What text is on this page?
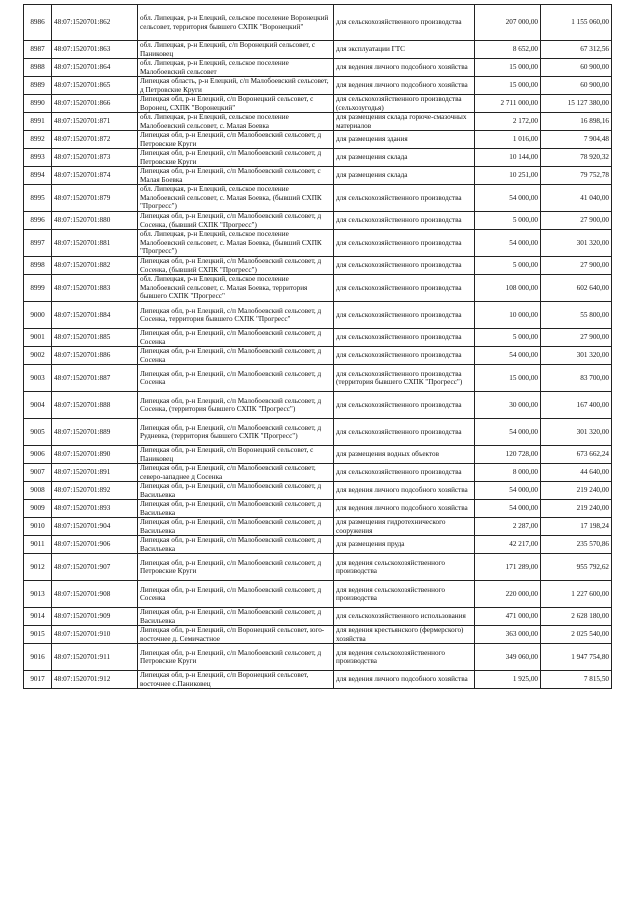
8986	48:07:1520701:862	обл. Липецкая, р-н Елецкий, сельское поселение Воронецкий сельсовет, территория бывшего СХПК "Воронецкий"	для сельскохозяйственного производства	207 000,00	1 155 060,00
8987	48:07:1520701:863	обл. Липецкая, р-н Елецкий, с/п Воронецкий сельсовет, с Паниковец	для эксплуатации ГТС	8 652,00	67 312,56
8988	48:07:1520701:864	обл. Липецкая, р-н Елецкий, сельское поселение Малобоевский сельсовет	для ведения личного подсобного хозяйства	15 000,00	60 900,00
8989	48:07:1520701:865	Липецкая область, р-н Елецкий, с/п Малобоевский сельсовет, д Петровские Круги	для ведения личного подсобного хозяйства	15 000,00	60 900,00
8990	48:07:1520701:866	Липецкая обл, р-н Елецкий, с/п Воронецкий сельсовет, с Воронец, СХПК "Воронецкий"	для сельскохозяйственного производства (сельхозугодья)	2 711 000,00	15 127 380,00
8991	48:07:1520701:871	обл. Липецкая, р-н Елецкий, сельское поселение Малобоевский сельсовет, с. Малая Боевка	для размещения склада горюче-смазочных материалов	2 172,00	16 898,16
8992	48:07:1520701:872	Липецкая обл, р-н Елецкий, с/п Малобоевский сельсовет, д Петровские Круги	для размещения здания	1 016,00	7 904,48
8993	48:07:1520701:873	Липецкая обл, р-н Елецкий, с/п Малобоевский сельсовет, д Петровские Круги	для размещения склада	10 144,00	78 920,32
8994	48:07:1520701:874	Липецкая обл, р-н Елецкий, с/п Малобоевский сельсовет, с Малая Боевка	для размещения склада	10 251,00	79 752,78
8995	48:07:1520701:879	обл. Липецкая, р-н Елецкий, сельское поселение Малобоевский сельсовет, с. Малая Боевка, (бывший СХПК "Прогресс")	для сельскохозяйственного производства	54 000,00	41 040,00
8996	48:07:1520701:880	Липецкая обл, р-н Елецкий, с/п Малобоевский сельсовет, д Сосенка, (бывший СХПК "Прогресс")	для сельскохозяйственного производства	5 000,00	27 900,00
8997	48:07:1520701:881	обл. Липецкая, р-н Елецкий, сельское поселение Малобоевский сельсовет, с. Малая Боевка, (бывший СХПК "Прогресс")	для сельскохозяйственного производства	54 000,00	301 320,00
8998	48:07:1520701:882	Липецкая обл, р-н Елецкий, с/п Малобоевский сельсовет, д Сосенка, (бывший СХПК "Прогресс")	для сельскохозяйственного производства	5 000,00	27 900,00
8999	48:07:1520701:883	обл. Липецкая, р-н Елецкий, сельское поселение Малобоевский сельсовет, с. Малая Боевка, территория бывшего СХПК "Прогресс"	для сельскохозяйственного производства	108 000,00	602 640,00
9000	48:07:1520701:884	Липецкая обл, р-н Елецкий, с/п Малобоевский сельсовет, д Сосенка, территория бывшего СХПК "Прогресс"	для сельскохозяйственного производства	10 000,00	55 800,00
9001	48:07:1520701:885	Липецкая обл, р-н Елецкий, с/п Малобоевский сельсовет, д Сосенка	для сельскохозяйственного производства	5 000,00	27 900,00
9002	48:07:1520701:886	Липецкая обл, р-н Елецкий, с/п Малобоевский сельсовет, д Сосенка	для сельскохозяйственного производства	54 000,00	301 320,00
9003	48:07:1520701:887	Липецкая обл, р-н Елецкий, с/п Малобоевский сельсовет, д Сосенка	для сельскохозяйственного производства (территория бывшего СХПК "Прогресс")	15 000,00	83 700,00
9004	48:07:1520701:888	Липецкая обл, р-н Елецкий, с/п Малобоевский сельсовет, д Сосенка, (территория бывшего СХПК "Прогресс")	для сельскохозяйственного производства	30 000,00	167 400,00
9005	48:07:1520701:889	Липецкая обл, р-н Елецкий, с/п Малобоевский сельсовет, д Рудневка, (территория бывшего СХПК "Прогресс")	для сельскохозяйственного производства	54 000,00	301 320,00
9006	48:07:1520701:890	Липецкая обл, р-н Елецкий, с/п Воронецкий сельсовет, с Паниковец	для размещения водных объектов	120 728,00	673 662,24
9007	48:07:1520701:891	Липецкая обл, р-н Елецкий, с/п Малобоевский сельсовет, северо-западнее д Сосенка	для сельскохозяйственного производства	8 000,00	44 640,00
9008	48:07:1520701:892	Липецкая обл, р-н Елецкий, с/п Малобоевский сельсовет, д Васильевка	для ведения личного подсобного хозяйства	54 000,00	219 240,00
9009	48:07:1520701:893	Липецкая обл, р-н Елецкий, с/п Малобоевский сельсовет, д Васильевка	для ведения личного подсобного хозяйства	54 000,00	219 240,00
9010	48:07:1520701:904	Липецкая обл, р-н Елецкий, с/п Малобоевский сельсовет, д Васильевка	для размещения гидротехнического сооружения	2 287,00	17 198,24
9011	48:07:1520701:906	Липецкая обл, р-н Елецкий, с/п Малобоевский сельсовет, д Васильевка	для размещения пруда	42 217,00	235 570,86
9012	48:07:1520701:907	Липецкая обл, р-н Елецкий, с/п Малобоевский сельсовет, д Петровские Круги	для ведения сельскохозяйственного производства	171 289,00	955 792,62
9013	48:07:1520701:908	Липецкая обл, р-н Елецкий, с/п Малобоевский сельсовет, д Сосенка	для ведения сельскохозяйственного производства	220 000,00	1 227 600,00
9014	48:07:1520701:909	Липецкая обл, р-н Елецкий, с/п Малобоевский сельсовет, д Васильевка	для сельскохозяйственного использования	471 000,00	2 628 180,00
9015	48:07:1520701:910	Липецкая обл, р-н Елецкий, с/п Воронецкий сельсовет, юго-восточнее д. Семичастное	для ведения крестьянского (фермерского) хозяйства	363 000,00	2 025 540,00
9016	48:07:1520701:911	Липецкая обл, р-н Елецкий, с/п Малобоевский сельсовет, д Петровские Круги	для ведения сельскохозяйственного производства	349 060,00	1 947 754,80
9017	48:07:1520701:912	Липецкая обл, р-н Елецкий, с/п Воронецкий сельсовет, восточнее с.Паниковец	для ведения личного подсобного хозяйства	1 925,00	7 815,50
